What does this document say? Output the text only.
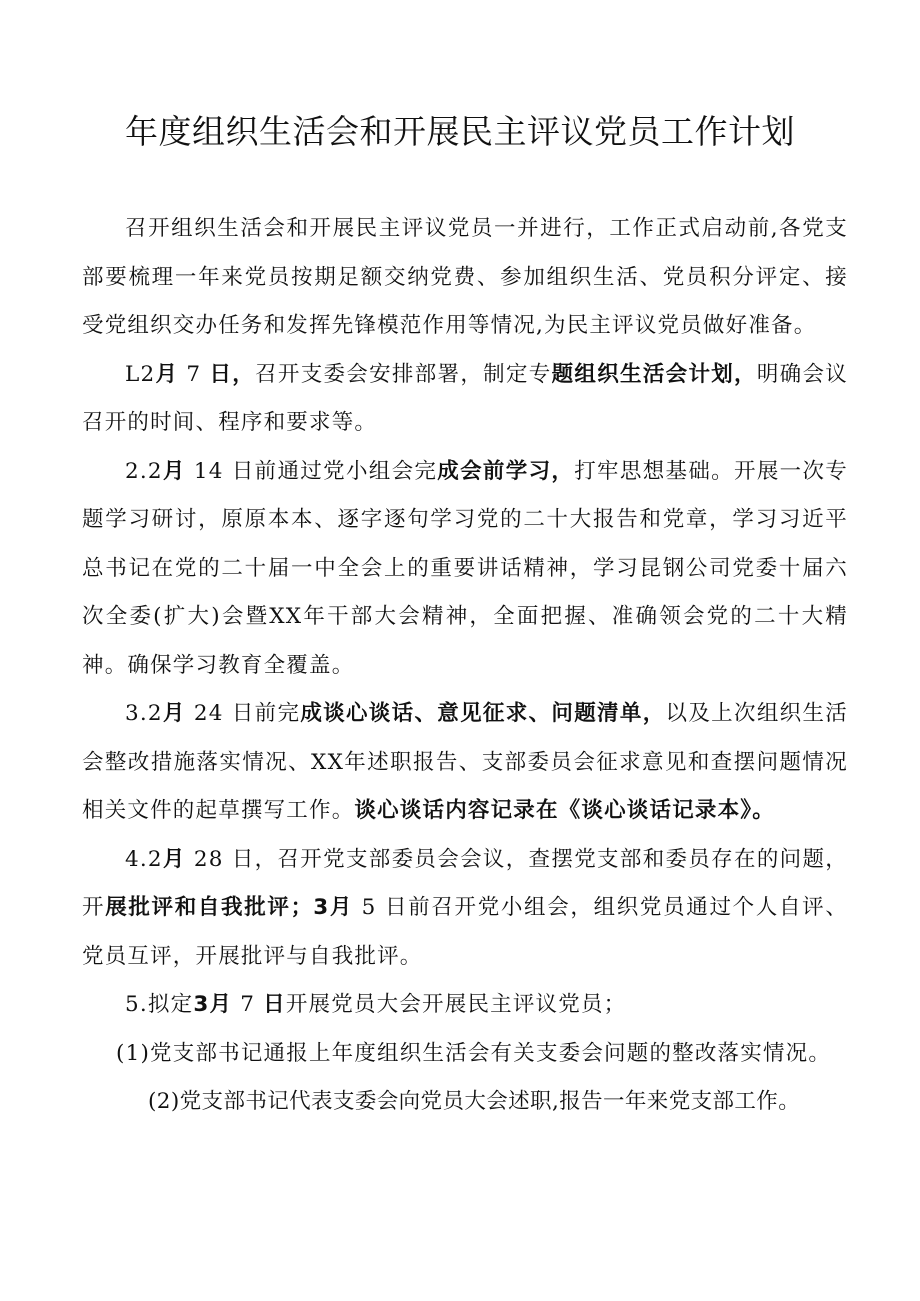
年度组织生活会和开展民主评议党员工作计划

召开组织生活会和开展民主评议党员一并进行，工作正式启动前,各党支部要梳理一年来党员按期足额交纳党费、参加组织生活、党员积分评定、接受党组织交办任务和发挥先锋模范作用等情况,为民主评议党员做好准备。

L2月 7 日，召开支委会安排部署，制定专题组织生活会计划，明确会议召开的时间、程序和要求等。

2.2月 14 日前通过党小组会完成会前学习，打牢思想基础。开展一次专题学习研讨，原原本本、逐字逐句学习党的二十大报告和党章，学习习近平总书记在党的二十届一中全会上的重要讲话精神，学习昆钢公司党委十届六次全委(扩大)会暨XX年干部大会精神，全面把握、准确领会党的二十大精神。确保学习教育全覆盖。

3.2月 24 日前完成谈心谈话、意见征求、问题清单，以及上次组织生活会整改措施落实情况、XX年述职报告、支部委员会征求意见和查摆问题情况相关文件的起草撰写工作。谈心谈话内容记录在《谈心谈话记录本》。

4.2月 28 日，召开党支部委员会会议，查摆党支部和委员存在的问题，开展批评和自我批评；3月 5 日前召开党小组会，组织党员通过个人自评、党员互评，开展批评与自我批评。

5.拟定3月 7 日开展党员大会开展民主评议党员；

(1)党支部书记通报上年度组织生活会有关支委会问题的整改落实情况。

(2)党支部书记代表支委会向党员大会述职,报告一年来党支部工作。
